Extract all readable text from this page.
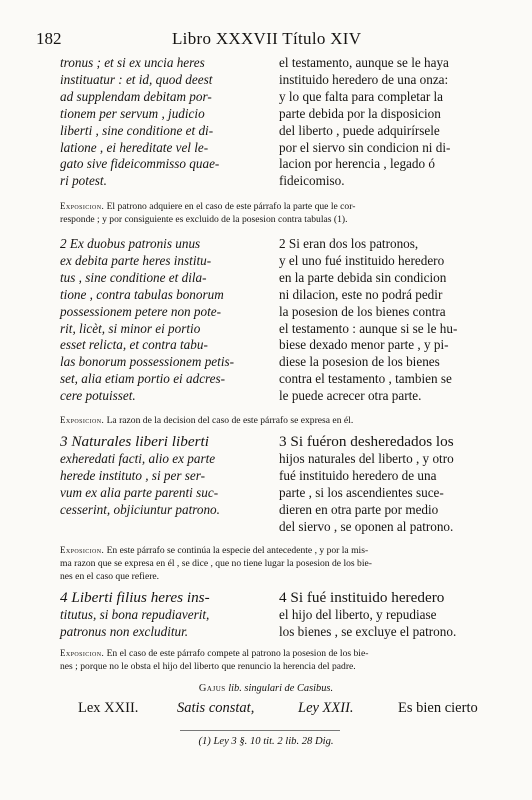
182	Libro XXXVII Título XIV
tronus ; et si ex uncia heres
instituatur : et id, quod deest
ad supplendam debitam por-
tionem per servum , judicio
liberti , sine conditione et di-
latione , ei hereditate vel le-
gato sive fideicommisso quae-
ri potest.
el testamento, aunque se le haya
instituido heredero de una onza:
y lo que falta para completar la
parte debida por la disposicion
del liberto , puede adquirírsele
por el siervo sin condicion ni di-
lacion por herencia , legado ó
fideicomiso.
Exposicion. El patrono adquiere en el caso de este párrafo la parte que le cor-
responde ; y por consiguiente es excluido de la posesion contra tabulas (1).
2 Ex duobus patronis unus
ex debita parte heres institu-
tus , sine conditione et dila-
tione , contra tabulas bonorum
possessionem petere non pote-
rit, licèt, si minor ei portio
esset relicta, et contra tabu-
las bonorum possessionem petis-
set, alia etiam portio ei adcres-
cere potuisset.
2 Si eran dos los patronos,
y el uno fué instituido heredero
en la parte debida sin condicion
ni dilacion, este no podrá pedir
la posesion de los bienes contra
el testamento : aunque si se le hu-
biese dexado menor parte , y pi-
diese la posesion de los bienes
contra el testamento , tambien se
le puede acrecer otra parte.
Exposicion. La razon de la decision del caso de este párrafo se expresa en él.
3 Naturales liberi liberti
exheredati facti, alio ex parte
herede instituto , si per ser-
vum ex alia parte parenti suc-
cesserint, objiciuntur patrono.
3 Si fuéron desheredados los
hijos naturales del liberto , y otro
fué instituido heredero de una
parte , si los ascendientes suce-
dieren en otra parte por medio
del siervo , se oponen al patrono.
Exposicion. En este párrafo se continúa la especie del antecedente , y por la mis-
ma razon que se expresa en él , se dice , que no tiene lugar la posesion de los bie-
nes en el caso que refiere.
4 Liberti filius heres ins-
titutus, si bona repudiaverit,
patronus non excluditur.
4 Si fué instituido heredero
el hijo del liberto, y repudiase
los bienes , se excluye el patrono.
Exposicion. En el caso de este párrafo compete al patrono la posesion de los bie-
nes ; porque no le obsta el hijo del liberto que renuncio la herencia del padre.
Gajus lib. singulari de Casibus.
Lex XXII.	Satis constat,	Ley XXII.	Es bien cierto
(1) Ley 3 §. 10 tit. 2 lib. 28 Dig.
